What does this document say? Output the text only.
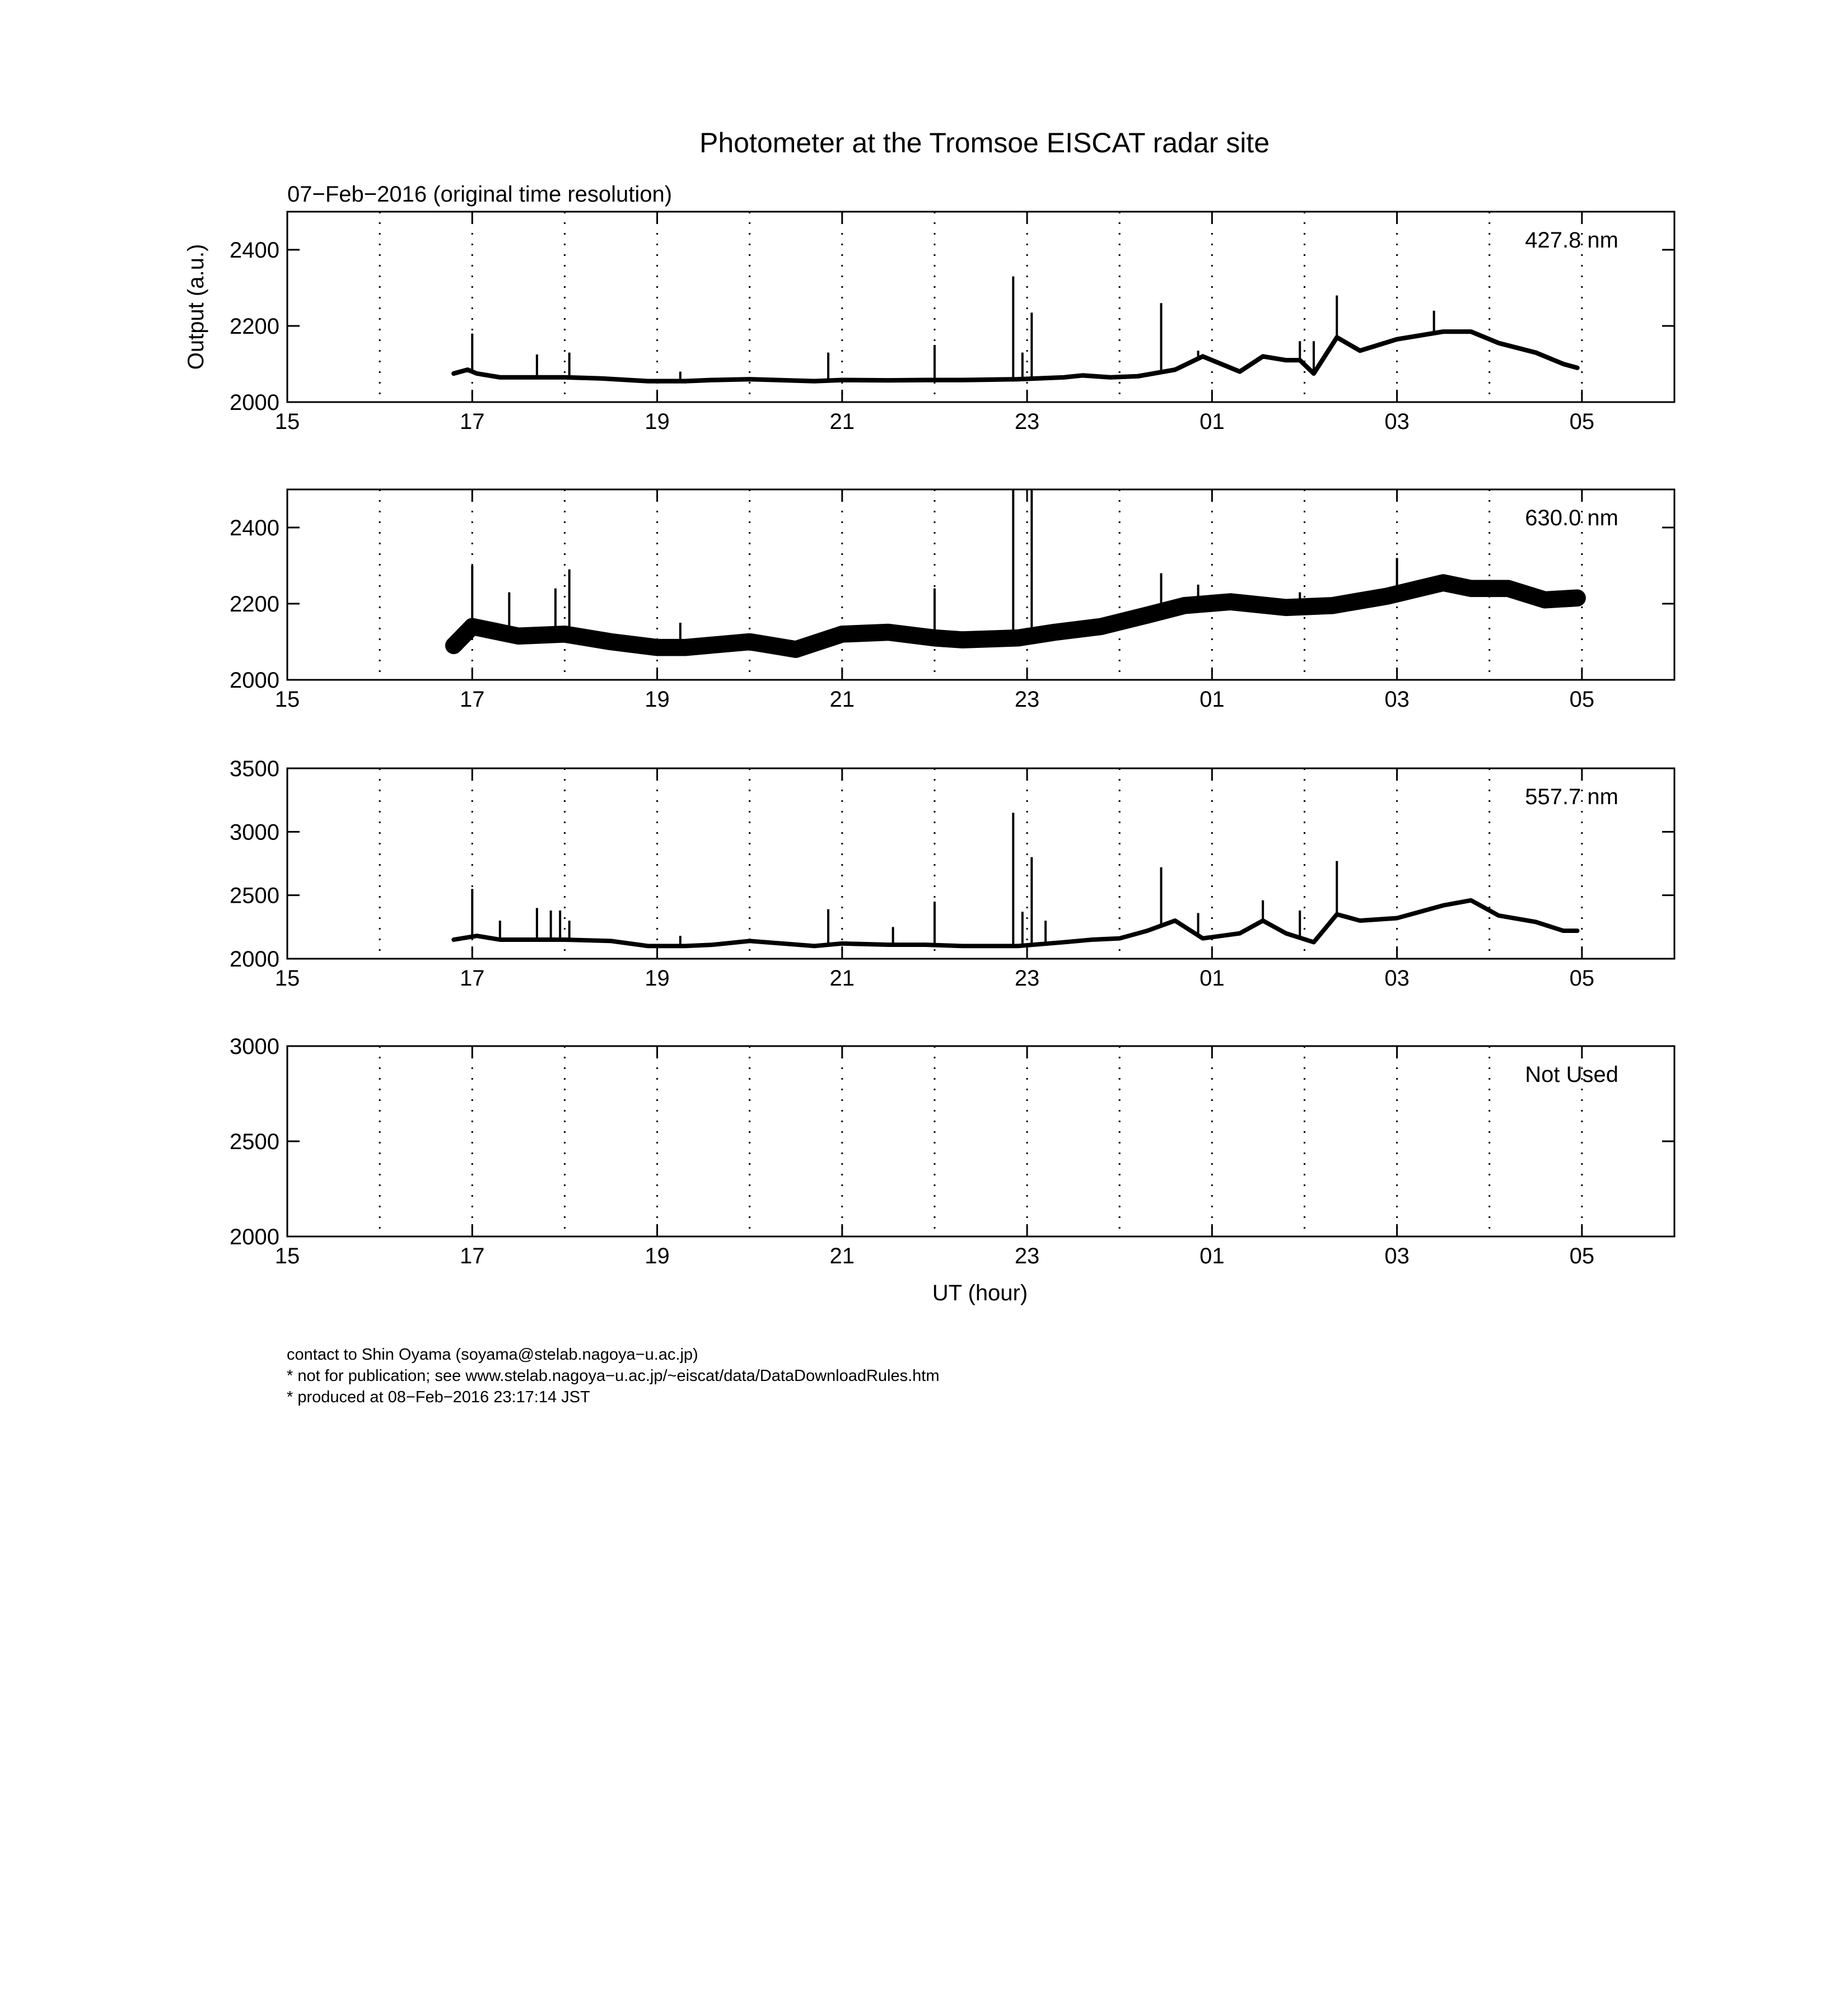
Photometer at the Tromsoe EISCAT radar site
07−Feb−2016 (original time resolution)
Output (a.u.)
UT (hour)
2000
2200
2400
15	17	19	21	23	01	03	05
427.8 nm
2000
2200
2400
15	17	19	21	23	01	03	05
630.0 nm
2000
2500
3000
3500
15	17	19	21	23	01	03	05
557.7 nm
2000
2500
3000
15	17	19	21	23	01	03	05
Not Used
contact to Shin Oyama (soyama@stelab.nagoya−u.ac.jp)
* not for publication; see www.stelab.nagoya−u.ac.jp/~eiscat/data/DataDownloadRules.htm
* produced at 08−Feb−2016 23:17:14 JST
